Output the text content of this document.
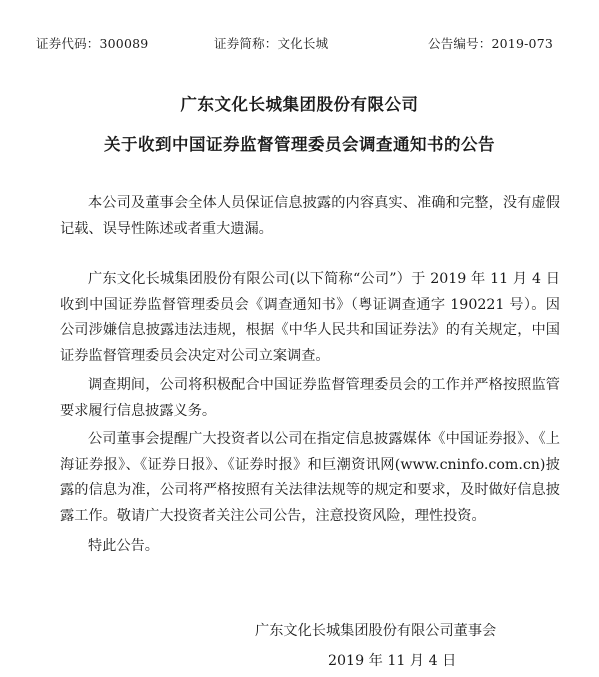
证券代码：300089	证券简称：文化长城	公告编号：2019-073
广东文化长城集团股份有限公司
关于收到中国证券监督管理委员会调查通知书的公告
本公司及董事会全体人员保证信息披露的内容真实、准确和完整，没有虚假记载、误导性陈述或者重大遗漏。
广东文化长城集团股份有限公司(以下简称“公司”）于 2019 年 11 月 4 日收到中国证券监督管理委员会《调查通知书》（粤证调查通字 190221 号）。因公司涉嫌信息披露违法违规，根据《中华人民共和国证券法》的有关规定，中国证券监督管理委员会决定对公司立案调查。
调查期间，公司将积极配合中国证券监督管理委员会的工作并严格按照监管要求履行信息披露义务。
公司董事会提醒广大投资者以公司在指定信息披露媒体《中国证券报》、《上海证券报》、《证券日报》、《证券时报》和巨潮资讯网(www.cninfo.com.cn)披露的信息为准，公司将严格按照有关法律法规等的规定和要求，及时做好信息披露工作。敬请广大投资者关注公司公告，注意投资风险，理性投资。
特此公告。
广东文化长城集团股份有限公司董事会
2019 年 11 月 4 日
